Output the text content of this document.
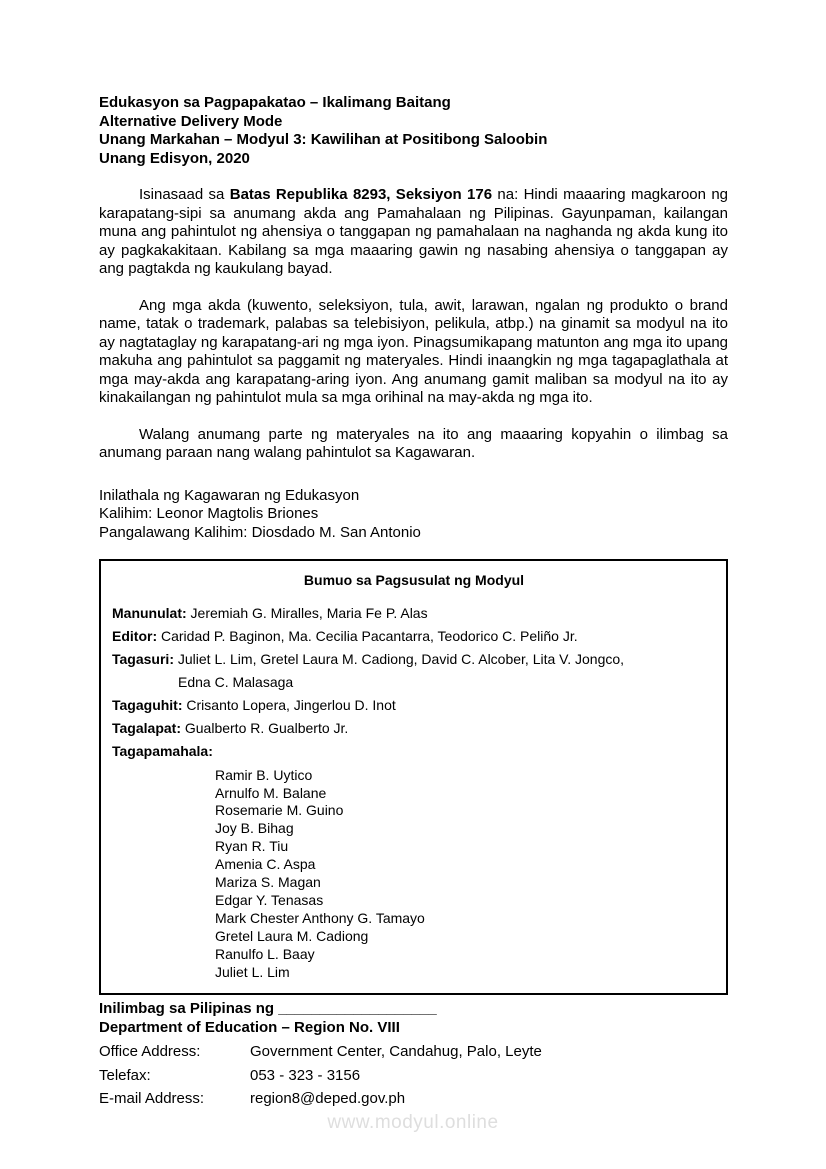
Edukasyon sa Pagpapakatao – Ikalimang Baitang
Alternative Delivery Mode
Unang Markahan – Modyul 3: Kawilihan at Positibong Saloobin
Unang Edisyon, 2020

Isinasaad sa Batas Republika 8293, Seksiyon 176 na: Hindi maaaring magkaroon ng karapatang-sipi sa anumang akda ang Pamahalaan ng Pilipinas. Gayunpaman, kailangan muna ang pahintulot ng ahensiya o tanggapan ng pamahalaan na naghanda ng akda kung ito ay pagkakakitaan. Kabilang sa mga maaaring gawin ng nasabing ahensiya o tanggapan ay ang pagtakda ng kaukulang bayad.

Ang mga akda (kuwento, seleksiyon, tula, awit, larawan, ngalan ng produkto o brand name, tatak o trademark, palabas sa telebisiyon, pelikula, atbp.) na ginamit sa modyul na ito ay nagtataglay ng karapatang-ari ng mga iyon. Pinagsumikapang matunton ang mga ito upang makuha ang pahintulot sa paggamit ng materyales. Hindi inaangkin ng mga tagapaglathala at mga may-akda ang karapatang-aring iyon. Ang anumang gamit maliban sa modyul na ito ay kinakailangan ng pahintulot mula sa mga orihinal na may-akda ng mga ito.

Walang anumang parte ng materyales na ito ang maaaring kopyahin o ilimbag sa anumang paraan nang walang pahintulot sa Kagawaran.

Inilathala ng Kagawaran ng Edukasyon
Kalihim: Leonor Magtolis Briones
Pangalawang Kalihim: Diosdado M. San Antonio
Bumuo sa Pagsusulat ng Modyul
Manunulat: Jeremiah G. Miralles, Maria Fe P. Alas
Editor: Caridad P. Baginon, Ma. Cecilia Pacantarra, Teodorico C. Peliño Jr.
Tagasuri: Juliet L. Lim, Gretel Laura M. Cadiong, David C. Alcober, Lita V. Jongco,
Edna C. Malasaga
Tagaguhit: Crisanto Lopera, Jingerlou D. Inot
Tagalapat: Gualberto R. Gualberto Jr.
Tagapamahala:
Ramir B. Uytico
Arnulfo M. Balane
Rosemarie M. Guino
Joy B. Bihag
Ryan R. Tiu
Amenia C. Aspa
Mariza S. Magan
Edgar Y. Tenasas
Mark Chester Anthony G. Tamayo
Gretel Laura M. Cadiong
Ranulfo L. Baay
Juliet L. Lim
Inilimbag sa Pilipinas ng ___________________
Department of Education – Region No. VIII
Office Address:	Government Center, Candahug, Palo, Leyte
Telefax:	053 - 323 - 3156
E-mail Address:	region8@deped.gov.ph
www.modyul.online
